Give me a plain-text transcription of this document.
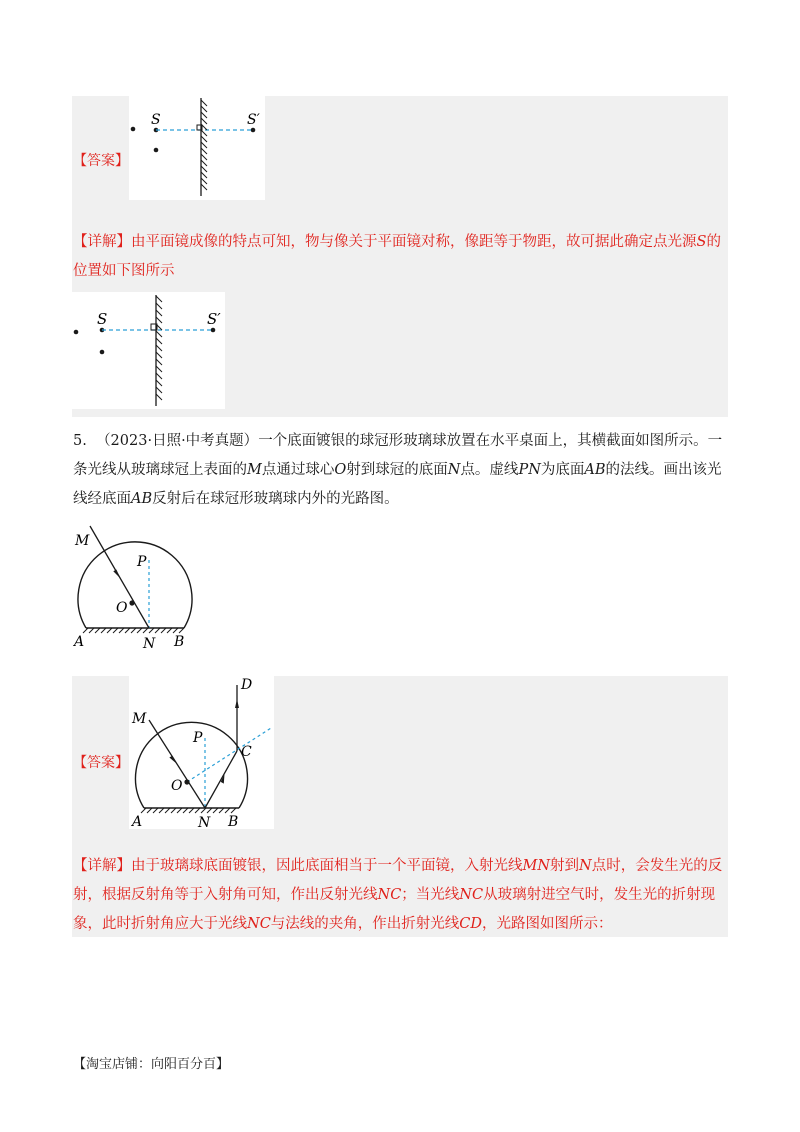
【答案】
S	S′
【详解】由平面镜成像的特点可知，物与像关于平面镜对称，像距等于物距，故可据此确定点光源S的位置如下图所示
S	S′
5. （2023·日照·中考真题）一个底面镀银的球冠形玻璃球放置在水平桌面上，其横截面如图所示。一条光线从玻璃球冠上表面的M点通过球心O射到球冠的底面N点。虚线PN为底面AB的法线。画出该光线经底面AB反射后在球冠形玻璃球内外的光路图。
M
P
O
A	N B
【答案】
D
M
P
C
O
A	N B
【详解】由于玻璃球底面镀银，因此底面相当于一个平面镜，入射光线MN射到N点时，会发生光的反射，根据反射角等于入射角可知，作出反射光线NC；当光线NC从玻璃射进空气时，发生光的折射现象，此时折射角应大于光线NC与法线的夹角，作出折射光线CD，光路图如图所示：
【淘宝店铺：向阳百分百】
